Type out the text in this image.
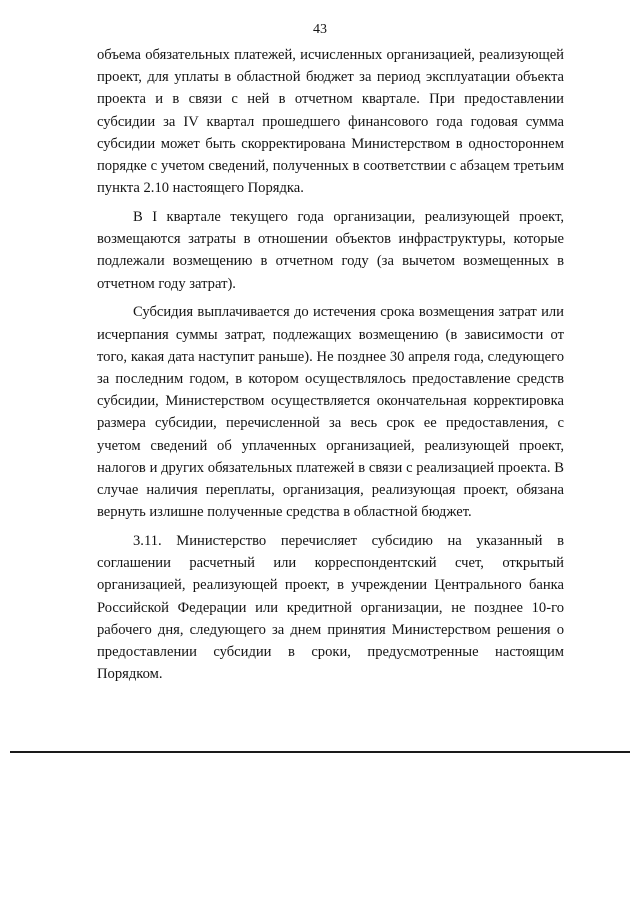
43

объема обязательных платежей, исчисленных организацией, реализующей проект, для уплаты в областной бюджет за период эксплуатации объекта проекта и в связи с ней в отчетном квартале. При предоставлении субсидии за IV квартал прошедшего финансового года годовая сумма субсидии может быть скорректирована Министерством в одностороннем порядке с учетом сведений, полученных в соответствии с абзацем третьим пункта 2.10 настоящего Порядка.

В I квартале текущего года организации, реализующей проект, возмещаются затраты в отношении объектов инфраструктуры, которые подлежали возмещению в отчетном году (за вычетом возмещенных в отчетном году затрат).

Субсидия выплачивается до истечения срока возмещения затрат или исчерпания суммы затрат, подлежащих возмещению (в зависимости от того, какая дата наступит раньше). Не позднее 30 апреля года, следующего за последним годом, в котором осуществлялось предоставление средств субсидии, Министерством осуществляется окончательная корректировка размера субсидии, перечисленной за весь срок ее предоставления, с учетом сведений об уплаченных организацией, реализующей проект, налогов и других обязательных платежей в связи с реализацией проекта. В случае наличия переплаты, организация, реализующая проект, обязана вернуть излишне полученные средства в областной бюджет.

3.11. Министерство перечисляет субсидию на указанный в соглашении расчетный или корреспондентский счет, открытый организацией, реализующей проект, в учреждении Центрального банка Российской Федерации или кредитной организации, не позднее 10-го рабочего дня, следующего за днем принятия Министерством решения о предоставлении субсидии в сроки, предусмотренные настоящим Порядком.
